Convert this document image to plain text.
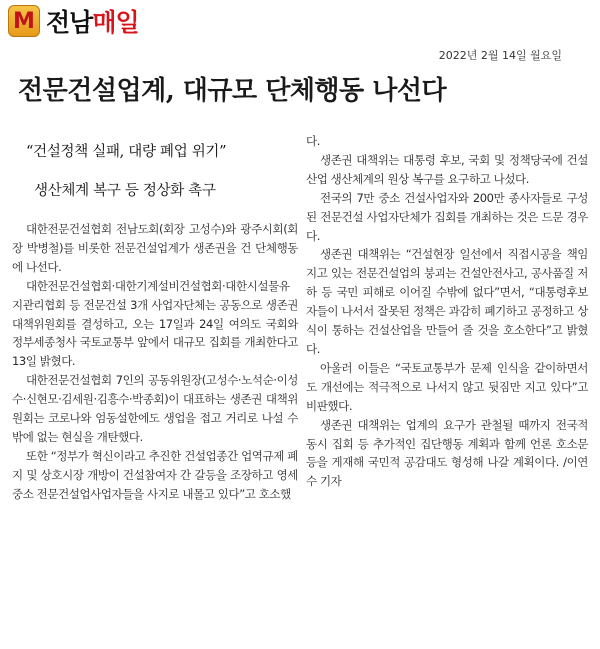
M 전남매일
2022년 2월 14일 월요일
전문건설업계, 대규모 단체행동 나선다
“건설정책 실패, 대량 폐업 위기”
생산체계 복구 등 정상화 촉구

대한전문건설협회 전남도회(회장 고성수)와 광주시회(회장 박병철)를 비롯한 전문건설업계가 생존권을 건 단체행동에 나선다.

대한전문건설협회·대한기계설비건설협회·대한시설물유지관리협회 등 전문건설 3개 사업자단체는 공동으로 생존권 대책위원회를 결성하고, 오는 17일과 24일 여의도 국회와 정부세종청사 국토교통부 앞에서 대규모 집회를 개최한다고 13일 밝혔다.

대한전문건설협회 7인의 공동위원장(고성수·노석순·이성수·신현모·김세원·김흥수·박종회)이 대표하는 생존권 대책위원회는 코로나와 엄동설한에도 생업을 접고 거리로 나설 수밖에 없는 현실을 개탄했다.

또한 “정부가 혁신이라고 추진한 건설업종간 업역규제 폐지 및 상호시장 개방이 건설참여자 간 갈등을 조장하고 영세 중소 전문건설업사업자들을 사지로 내몰고 있다”고 호소했

다.

생존권 대책위는 대통령 후보, 국회 및 정책당국에 건설산업 생산체계의 원상 복구를 요구하고 나섰다.

전국의 7만 중소 건설사업자와 200만 종사자들로 구성된 전문건설 사업자단체가 집회를 개최하는 것은 드문 경우다.

생존권 대책위는 “건설현장 일선에서 직접시공을 책임지고 있는 전문건설업의 붕괴는 건설안전사고, 공사품질 저하 등 국민 피해로 이어질 수밖에 없다”면서, “대통령후보자들이 나서서 잘못된 정책은 과감히 폐기하고 공정하고 상식이 통하는 건설산업을 만들어 줄 것을 호소한다”고 밝혔다.

아울러 이들은 “국토교통부가 문제 인식을 같이하면서도 개선에는 적극적으로 나서지 않고 뒷짐만 지고 있다”고 비판했다.

생존권 대책위는 업계의 요구가 관철될 때까지 전국적 동시 집회 등 추가적인 집단행동 계획과 함께 언론 호소문 등을 게재해 국민적 공감대도 형성해 나갈 계획이다. /이연수 기자
